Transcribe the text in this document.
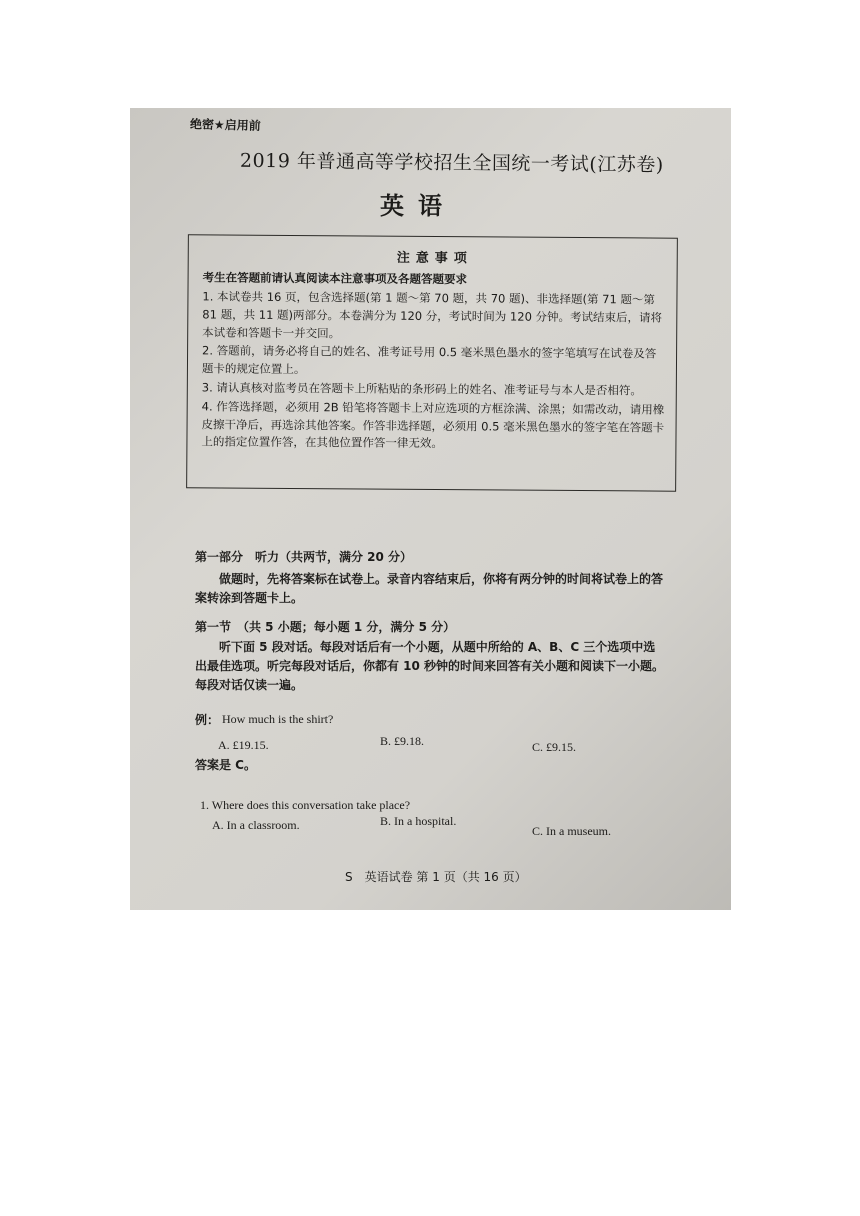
绝密★启用前
2019 年普通高等学校招生全国统一考试(江苏卷)
英语
注意事项
考生在答题前请认真阅读本注意事项及各题答题要求
1. 本试卷共 16 页，包含选择题(第 1 题～第 70 题，共 70 题)、非选择题(第 71 题～第 81 题，共 11 题)两部分。本卷满分为 120 分，考试时间为 120 分钟。考试结束后，请将本试卷和答题卡一并交回。
2. 答题前，请务必将自己的姓名、准考证号用 0.5 毫米黑色墨水的签字笔填写在试卷及答题卡的规定位置上。
3. 请认真核对监考员在答题卡上所粘贴的条形码上的姓名、准考证号与本人是否相符。
4. 作答选择题，必须用 2B 铅笔将答题卡上对应选项的方框涂满、涂黑；如需改动，请用橡皮擦干净后，再选涂其他答案。作答非选择题，必须用 0.5 毫米黑色墨水的签字笔在答题卡上的指定位置作答，在其他位置作答一律无效。
第一部分　听力（共两节，满分 20 分）
做题时，先将答案标在试卷上。录音内容结束后，你将有两分钟的时间将试卷上的答案转涂到答题卡上。
第一节　（共 5 小题；每小题 1 分，满分 5 分）
听下面 5 段对话。每段对话后有一个小题，从题中所给的 A、B、C 三个选项中选出最佳选项。听完每段对话后，你都有 10 秒钟的时间来回答有关小题和阅读下一小题。每段对话仅读一遍。
例： How much is the shirt?
A. £19.15.	B. £9.18.	C. £9.15.
答案是 C。
1. Where does this conversation take place?
A. In a classroom.	B. In a hospital.
C. In a museum.
S　英语试卷 第 1 页（共 16 页）
